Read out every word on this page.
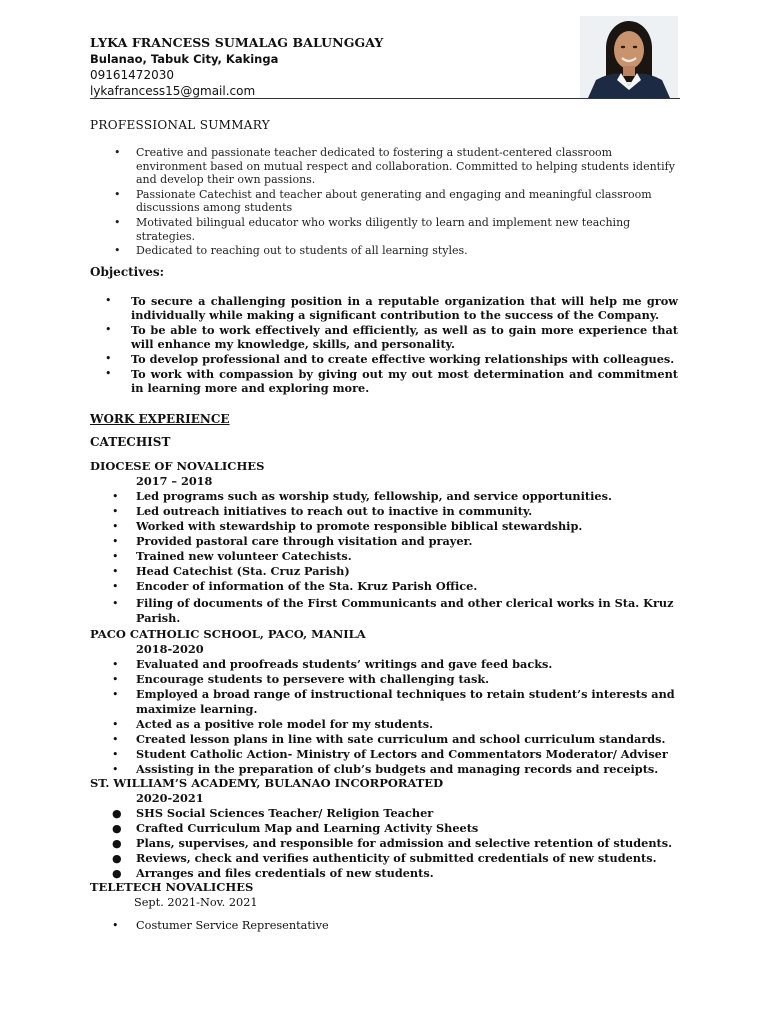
LYKA FRANCESS SUMALAG BALUNGGAY

Bulanao, Tabuk City, Kakinga

09161472030

lykafrancess15@gmail.com

PROFESSIONAL SUMMARY
• Creative and passionate teacher dedicated to fostering a student-centered classroom environment based on mutual respect and collaboration. Committed to helping students identify and develop their own passions.
• Passionate Catechist and teacher about generating and engaging and meaningful classroom discussions among students
• Motivated bilingual educator who works diligently to learn and implement new teaching strategies.
• Dedicated to reaching out to students of all learning styles.
Objectives:
• To secure a challenging position in a reputable organization that will help me grow individually while making a significant contribution to the success of the Company.
• To be able to work effectively and efficiently, as well as to gain more experience that will enhance my knowledge, skills, and personality.
• To develop professional and to create effective working relationships with colleagues.
• To work with compassion by giving out my out most determination and commitment in learning more and exploring more.
WORK EXPERIENCE
CATECHIST

DIOCESE OF NOVALICHES

2017 – 2018

• Led programs such as worship study, fellowship, and service opportunities.
• Led outreach initiatives to reach out to inactive in community.
• Worked with stewardship to promote responsible biblical stewardship.
• Provided pastoral care through visitation and prayer.
• Trained new volunteer Catechists.
• Head Catechist (Sta. Cruz Parish)
• Encoder of information of the Sta. Kruz Parish Office.
• Filing of documents of the First Communicants and other clerical works in Sta. Kruz Parish.

PACO CATHOLIC SCHOOL, PACO, MANILA

2018-2020

• Evaluated and proofreads students’ writings and gave feed backs.
• Encourage students to persevere with challenging task.
• Employed a broad range of instructional techniques to retain student’s interests and maximize learning.
• Acted as a positive role model for my students.
• Created lesson plans in line with sate curriculum and school curriculum standards.
• Student Catholic Action- Ministry of Lectors and Commentators Moderator/ Adviser
• Assisting in the preparation of club’s budgets and managing records and receipts.

ST. WILLIAM’S ACADEMY, BULANAO INCORPORATED

2020-2021

● SHS Social Sciences Teacher/ Religion Teacher
● Crafted Curriculum Map and Learning Activity Sheets
● Plans, supervises, and responsible for admission and selective retention of students.
● Reviews, check and verifies authenticity of submitted credentials of new students.
● Arranges and files credentials of new students.

TELETECH NOVALICHES

Sept. 2021-Nov. 2021

• Costumer Service Representative
